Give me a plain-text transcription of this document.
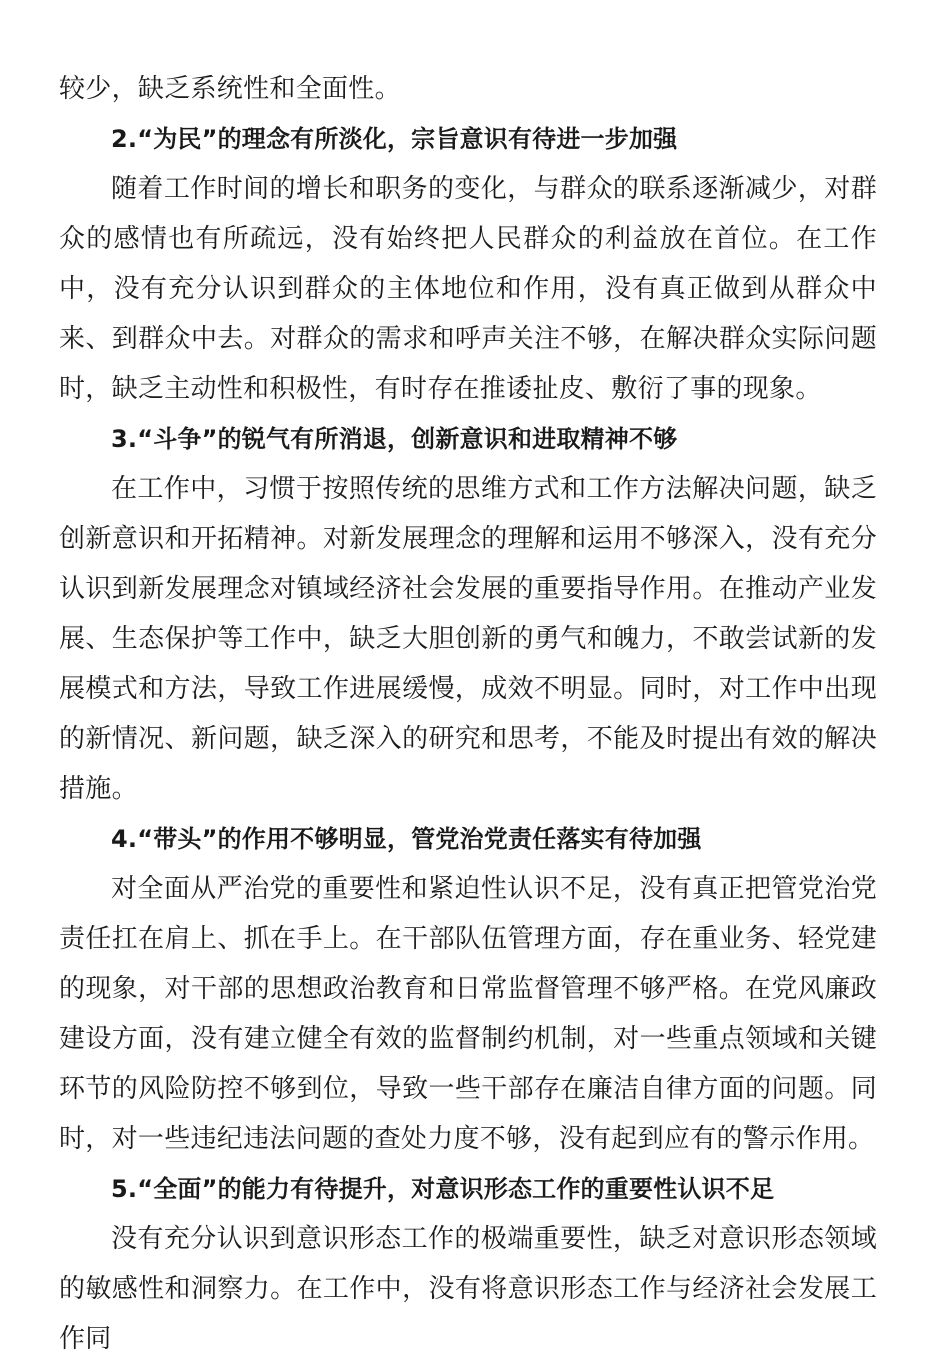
较少，缺乏系统性和全面性。

2.“为民”的理念有所淡化，宗旨意识有待进一步加强

随着工作时间的增长和职务的变化，与群众的联系逐渐减少，对群众的感情也有所疏远，没有始终把人民群众的利益放在首位。在工作中，没有充分认识到群众的主体地位和作用，没有真正做到从群众中来、到群众中去。对群众的需求和呼声关注不够，在解决群众实际问题时，缺乏主动性和积极性，有时存在推诿扯皮、敷衍了事的现象。

3.“斗争”的锐气有所消退，创新意识和进取精神不够

在工作中，习惯于按照传统的思维方式和工作方法解决问题，缺乏创新意识和开拓精神。对新发展理念的理解和运用不够深入，没有充分认识到新发展理念对镇域经济社会发展的重要指导作用。在推动产业发展、生态保护等工作中，缺乏大胆创新的勇气和魄力，不敢尝试新的发展模式和方法，导致工作进展缓慢，成效不明显。同时，对工作中出现的新情况、新问题，缺乏深入的研究和思考，不能及时提出有效的解决措施。

4.“带头”的作用不够明显，管党治党责任落实有待加强

对全面从严治党的重要性和紧迫性认识不足，没有真正把管党治党责任扛在肩上、抓在手上。在干部队伍管理方面，存在重业务、轻党建的现象，对干部的思想政治教育和日常监督管理不够严格。在党风廉政建设方面，没有建立健全有效的监督制约机制，对一些重点领域和关键环节的风险防控不够到位，导致一些干部存在廉洁自律方面的问题。同时，对一些违纪违法问题的查处力度不够，没有起到应有的警示作用。

5.“全面”的能力有待提升，对意识形态工作的重要性认识不足

没有充分认识到意识形态工作的极端重要性，缺乏对意识形态领域的敏感性和洞察力。在工作中，没有将意识形态工作与经济社会发展工作同
